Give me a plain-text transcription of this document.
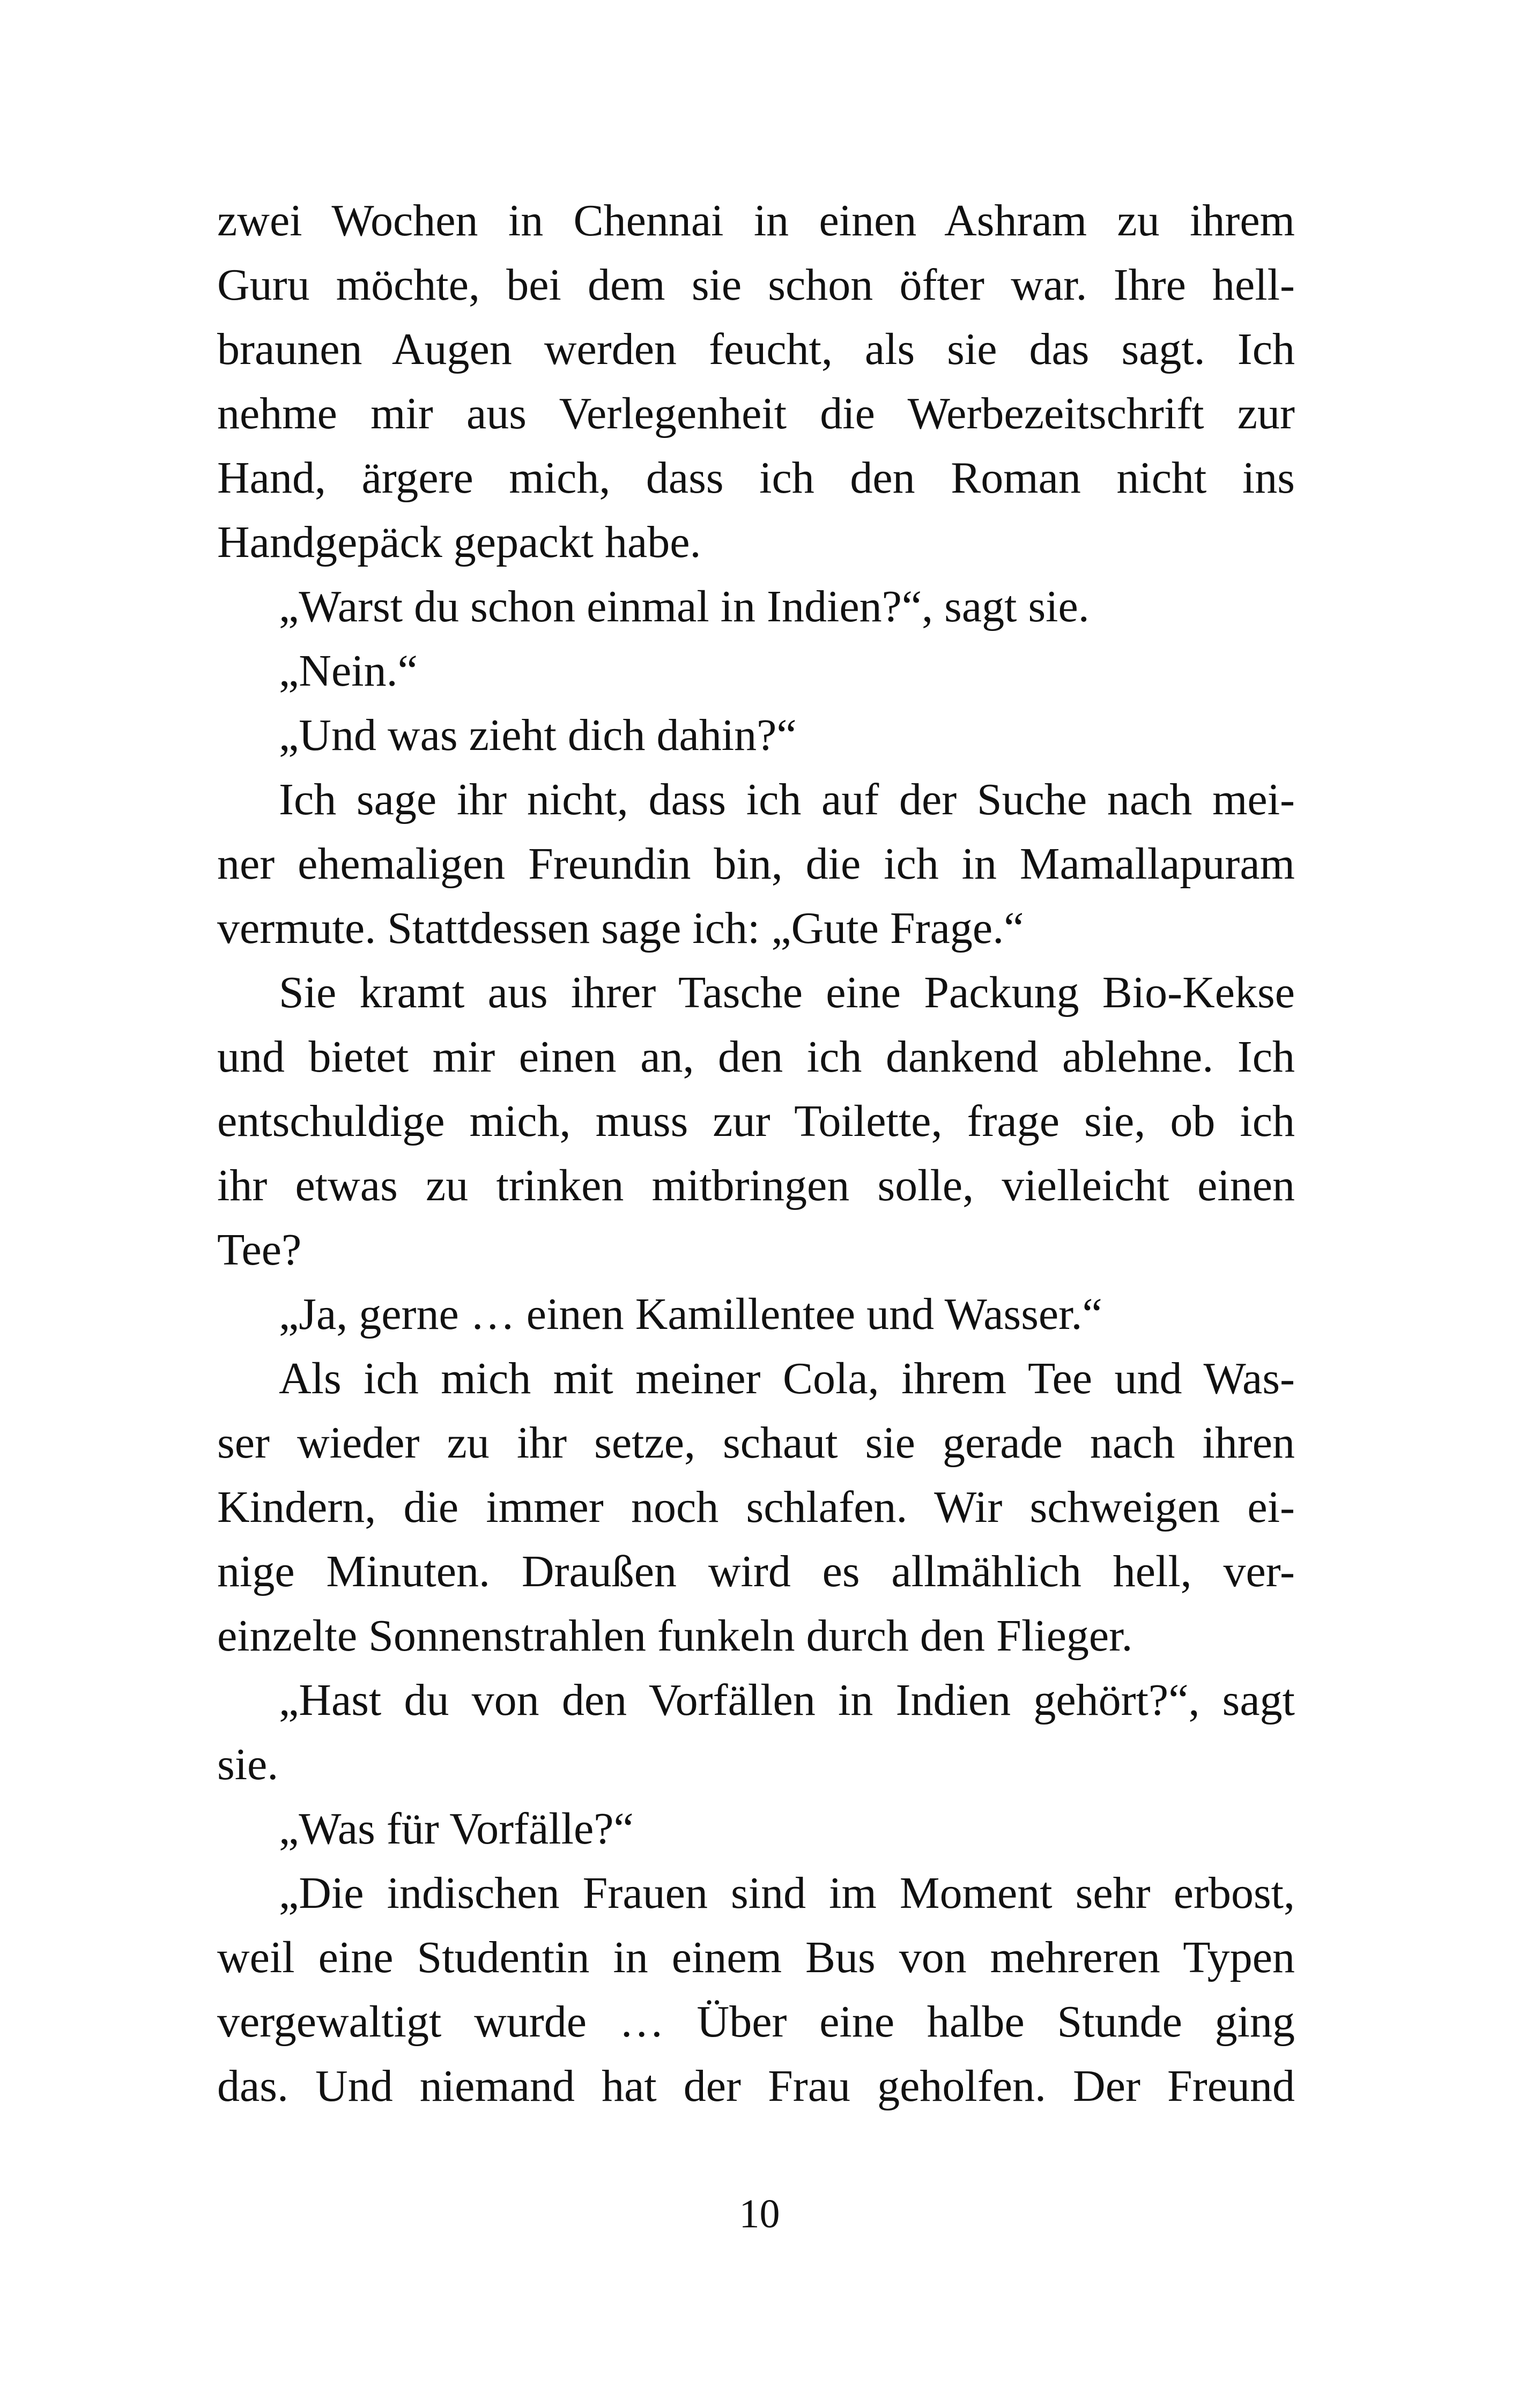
zwei Wochen in Chennai in einen Ashram zu ihrem
Guru möchte, bei dem sie schon öfter war. Ihre hell-
braunen Augen werden feucht, als sie das sagt. Ich
nehme mir aus Verlegenheit die Werbezeitschrift zur
Hand, ärgere mich, dass ich den Roman nicht ins
Handgepäck gepackt habe.
„Warst du schon einmal in Indien?“, sagt sie.
„Nein.“
„Und was zieht dich dahin?“
Ich sage ihr nicht, dass ich auf der Suche nach mei-
ner ehemaligen Freundin bin, die ich in Mamallapuram
vermute. Stattdessen sage ich: „Gute Frage.“
Sie kramt aus ihrer Tasche eine Packung Bio-Kekse
und bietet mir einen an, den ich dankend ablehne. Ich
entschuldige mich, muss zur Toilette, frage sie, ob ich
ihr etwas zu trinken mitbringen solle, vielleicht einen
Tee?
„Ja, gerne … einen Kamillentee und Wasser.“
Als ich mich mit meiner Cola, ihrem Tee und Was-
ser wieder zu ihr setze, schaut sie gerade nach ihren
Kindern, die immer noch schlafen. Wir schweigen ei-
nige Minuten. Draußen wird es allmählich hell, ver-
einzelte Sonnenstrahlen funkeln durch den Flieger.
„Hast du von den Vorfällen in Indien gehört?“, sagt
sie.
„Was für Vorfälle?“
„Die indischen Frauen sind im Moment sehr erbost,
weil eine Studentin in einem Bus von mehreren Typen
vergewaltigt wurde … Über eine halbe Stunde ging
das. Und niemand hat der Frau geholfen. Der Freund
10
